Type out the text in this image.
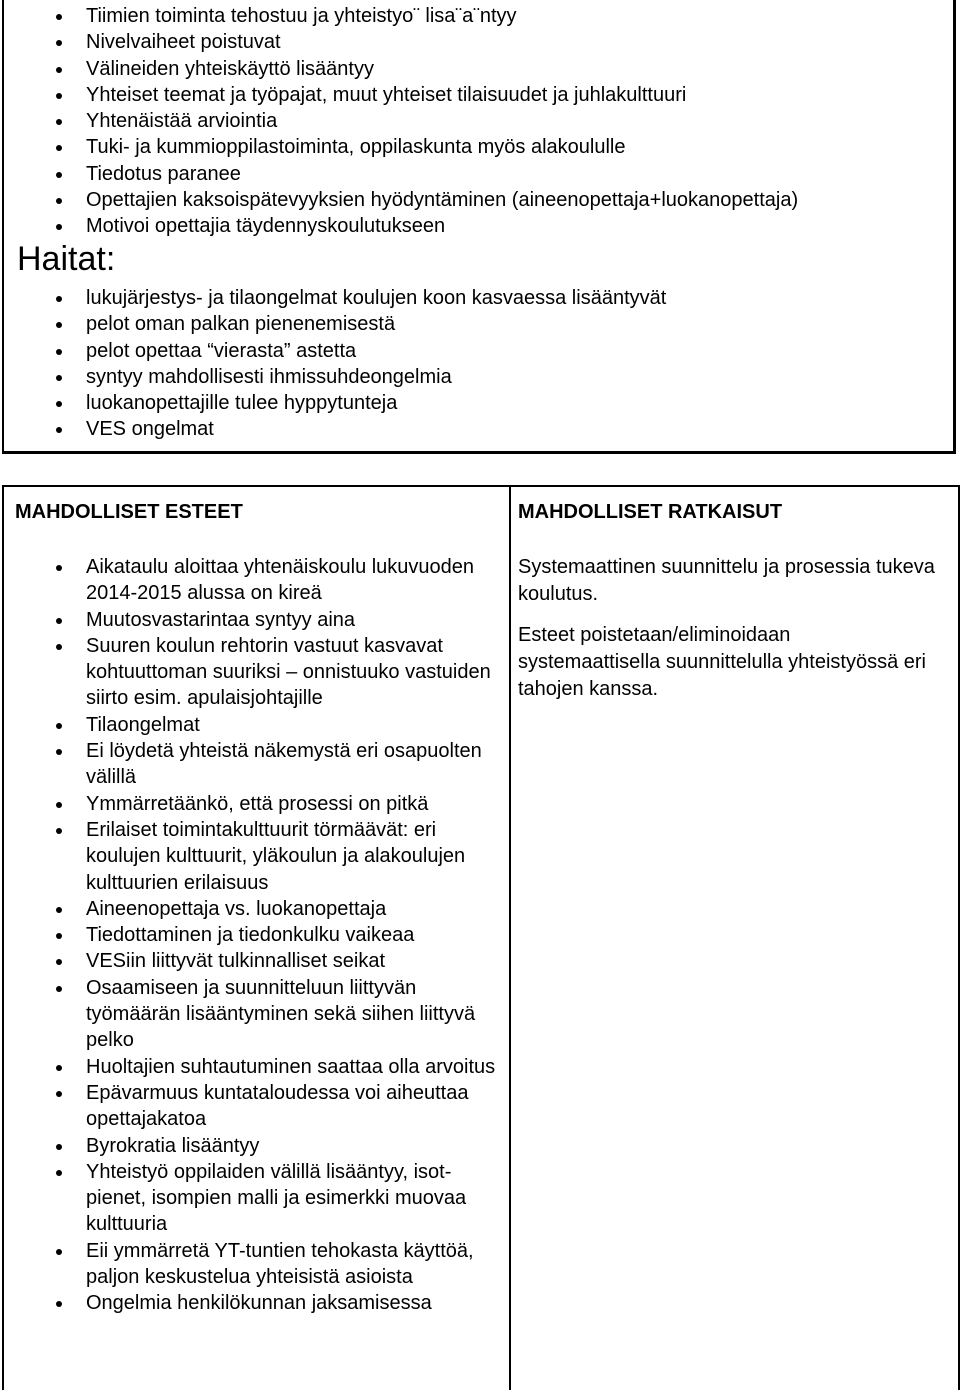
Tiimien toiminta tehostuu ja yhteistyo¨ lisa¨a¨ntyy
Nivelvaiheet poistuvat
Välineiden yhteiskäyttö lisääntyy
Yhteiset teemat ja työpajat, muut yhteiset tilaisuudet ja juhlakulttuuri
Yhtenäistää arviointia
Tuki- ja kummioppilastoiminta, oppilaskunta myös alakoululle
Tiedotus paranee
Opettajien kaksoispätevyyksien hyödyntäminen (aineenopettaja+luokanopettaja)
Motivoi opettajia täydennyskoulutukseen
Haitat:
lukujärjestys- ja tilaongelmat koulujen koon kasvaessa lisääntyvät
pelot oman palkan pienenemisestä
pelot opettaa “vierasta” astetta
syntyy mahdollisesti ihmissuhdeongelmia
luokanopettajille tulee hyppytunteja
VES ongelmat
MAHDOLLISET ESTEET
Aikataulu aloittaa yhtenäiskoulu lukuvuoden 2014-2015 alussa on kireä
Muutosvastarintaa syntyy aina
Suuren koulun rehtorin vastuut kasvavat kohtuuttoman suuriksi – onnistuuko vastuiden siirto esim. apulaisjohtajille
Tilaongelmat
Ei löydetä yhteistä näkemystä eri osapuolten välillä
Ymmärretäänkö, että prosessi on pitkä
Erilaiset toimintakulttuurit törmäävät: eri koulujen kulttuurit, yläkoulun ja alakoulujen kulttuurien erilaisuus
Aineenopettaja vs. luokanopettaja
Tiedottaminen ja tiedonkulku vaikeaa
VESiin liittyvät tulkinnalliset seikat
Osaamiseen ja suunnitteluun liittyvän työmäärän lisääntyminen sekä siihen liittyvä pelko
Huoltajien suhtautuminen saattaa olla arvoitus
Epävarmuus kuntataloudessa voi aiheuttaa opettajakatoa
Byrokratia lisääntyy
Yhteistyö oppilaiden välillä lisääntyy, isot-pienet, isompien malli ja esimerkki muovaa kulttuuria
Eii ymmärretä YT-tuntien tehokasta käyttöä, paljon keskustelua yhteisistä asioista
Ongelmia henkilökunnan jaksamisessa
MAHDOLLISET RATKAISUT

Systemaattinen suunnittelu ja prosessia tukeva koulutus.

Esteet poistetaan/eliminoidaan systemaattisella suunnittelulla yhteistyössä eri tahojen kanssa.
